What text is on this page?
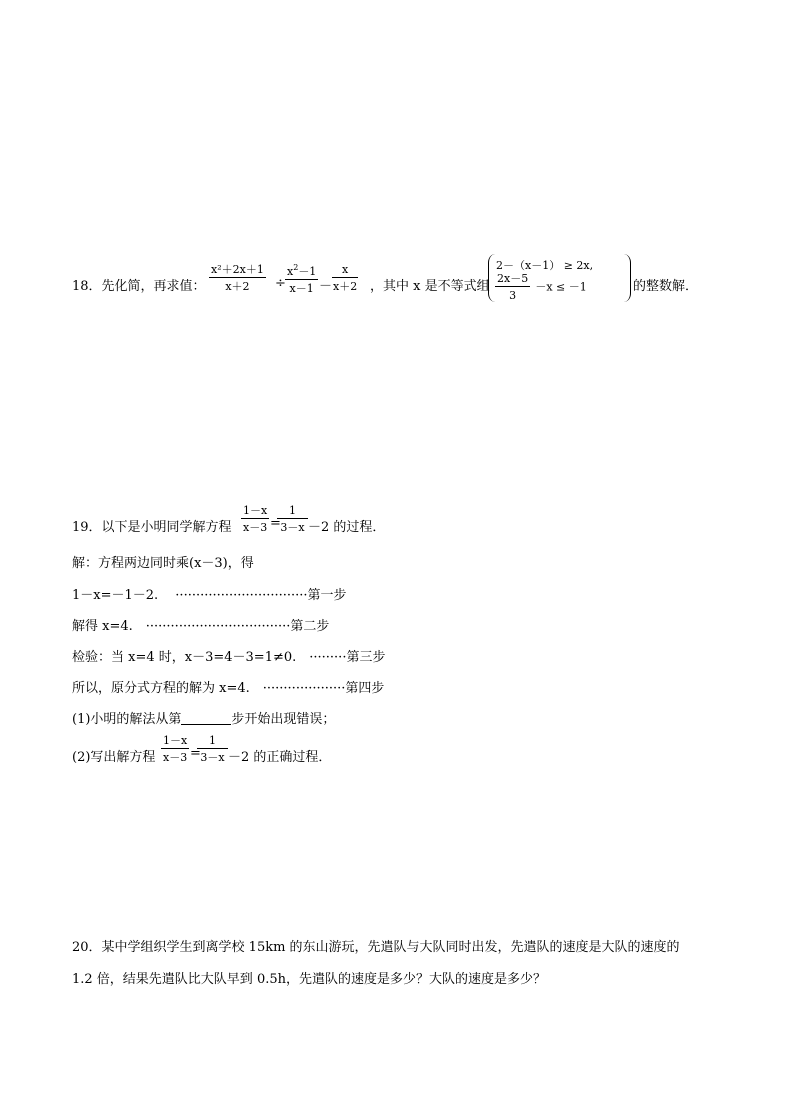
18．先化简，再求值： $\frac{\text{x²＋2x＋1}}{x+2} \div \frac{x^2-1}{x-1}$ －
$\frac{x}{x+2}$ ，其中 x 是不等式组
2－（x－1） ≥ 2x,
$\frac{2x-5}{3} -x \le -1$	的整数解．
19．以下是小明同学解方程 $\frac{1-x}{x-3}$ =
$\frac{1}{3-x} -2$ 的过程．
解：方程两边同时乘(x－3)，得
1－x=－1－2.　 ································第一步
解得 x=4.　···································第二步
检验：当 x=4 时，x－3=4－3=1≠0.　·········第三步
所以，原分式方程的解为 x=4.　····················第四步
(1)小明的解法从第	步开始出现错误；
(2)写出解方程 $\frac{1-x}{x-3}$ =
$\frac{1}{3-x} -2$ 的正确过程．
20．某中学组织学生到离学校 15km 的东山游玩，先遣队与大队同时出发，先遣队的速度是大队的速度的
1.2 倍，结果先遣队比大队早到 0.5h，先遣队的速度是多少？大队的速度是多少？
